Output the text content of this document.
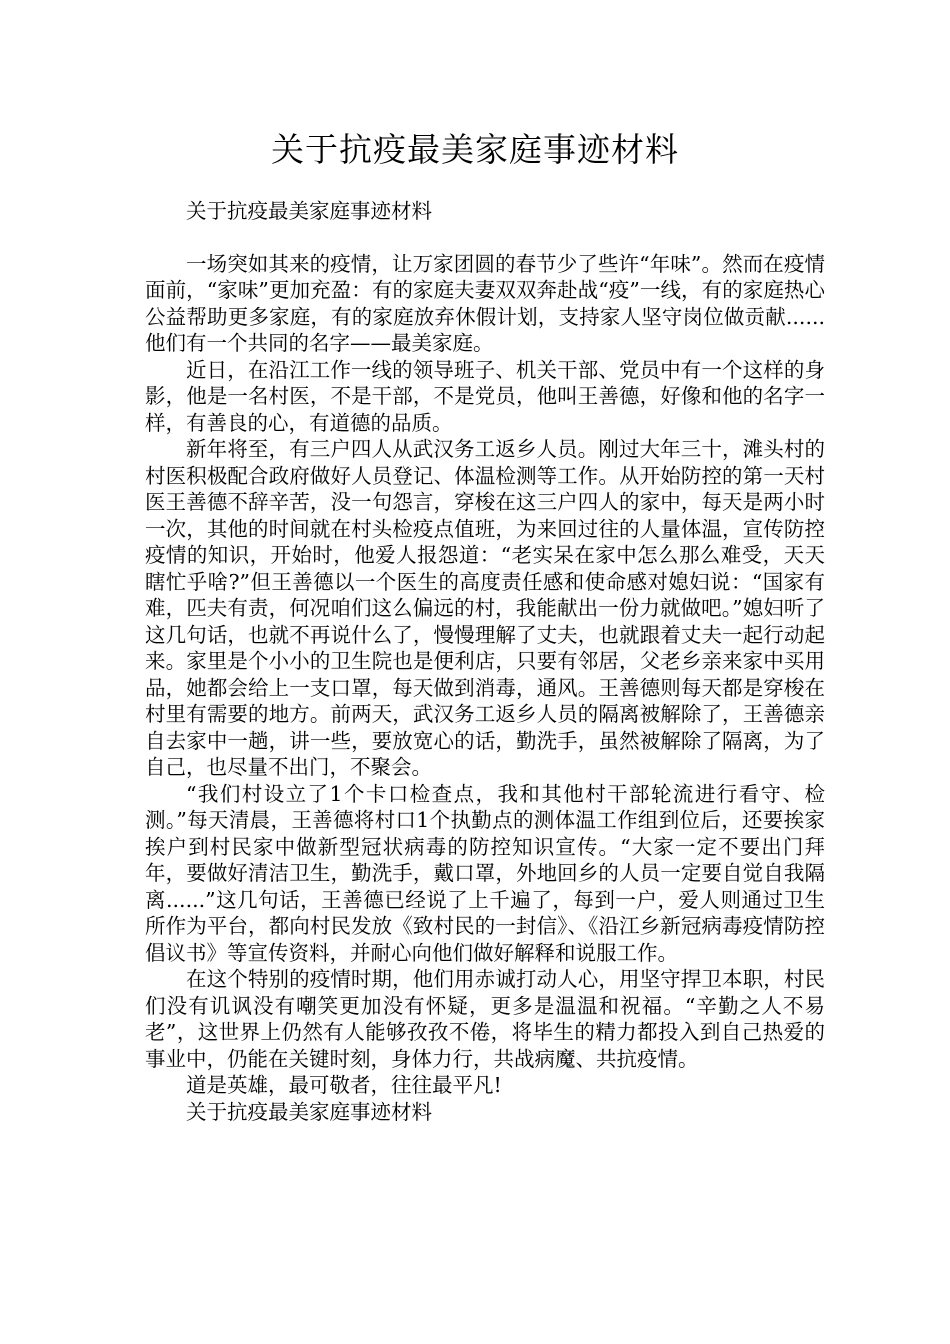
关于抗疫最美家庭事迹材料

关于抗疫最美家庭事迹材料

一场突如其来的疫情，让万家团圆的春节少了些许“年味”。然而在疫情面前，“家味”更加充盈：有的家庭夫妻双双奔赴战“疫”一线，有的家庭热心公益帮助更多家庭，有的家庭放弃休假计划，支持家人坚守岗位做贡献......他们有一个共同的名字——最美家庭。

近日，在沿江工作一线的领导班子、机关干部、党员中有一个这样的身影，他是一名村医，不是干部，不是党员，他叫王善德，好像和他的名字一样，有善良的心，有道德的品质。

新年将至，有三户四人从武汉务工返乡人员。刚过大年三十，滩头村的村医积极配合政府做好人员登记、体温检测等工作。从开始防控的第一天村医王善德不辞辛苦，没一句怨言，穿梭在这三户四人的家中，每天是两小时一次，其他的时间就在村头检疫点值班，为来回过往的人量体温，宣传防控疫情的知识，开始时，他爱人报怨道：“老实呆在家中怎么那么难受，天天瞎忙乎啥?”但王善德以一个医生的高度责任感和使命感对媳妇说：“国家有难，匹夫有责，何况咱们这么偏远的村，我能献出一份力就做吧。”媳妇听了这几句话，也就不再说什么了，慢慢理解了丈夫，也就跟着丈夫一起行动起来。家里是个小小的卫生院也是便利店，只要有邻居，父老乡亲来家中买用品，她都会给上一支口罩，每天做到消毒，通风。王善德则每天都是穿梭在村里有需要的地方。前两天，武汉务工返乡人员的隔离被解除了，王善德亲自去家中一趟，讲一些，要放宽心的话，勤洗手，虽然被解除了隔离，为了自己，也尽量不出门，不聚会。

“我们村设立了1个卡口检查点，我和其他村干部轮流进行看守、检测。”每天清晨，王善德将村口1个执勤点的测体温工作组到位后，还要挨家挨户到村民家中做新型冠状病毒的防控知识宣传。“大家一定不要出门拜年，要做好清洁卫生，勤洗手，戴口罩，外地回乡的人员一定要自觉自我隔离......”这几句话，王善德已经说了上千遍了，每到一户，爱人则通过卫生所作为平台，都向村民发放《致村民的一封信》、《沿江乡新冠病毒疫情防控倡议书》等宣传资料，并耐心向他们做好解释和说服工作。

在这个特别的疫情时期，他们用赤诚打动人心，用坚守捍卫本职，村民们没有讥讽没有嘲笑更加没有怀疑，更多是温温和祝福。“辛勤之人不易老”，这世界上仍然有人能够孜孜不倦，将毕生的精力都投入到自己热爱的事业中，仍能在关键时刻，身体力行，共战病魔、共抗疫情。

道是英雄，最可敬者，往往最平凡!

关于抗疫最美家庭事迹材料
